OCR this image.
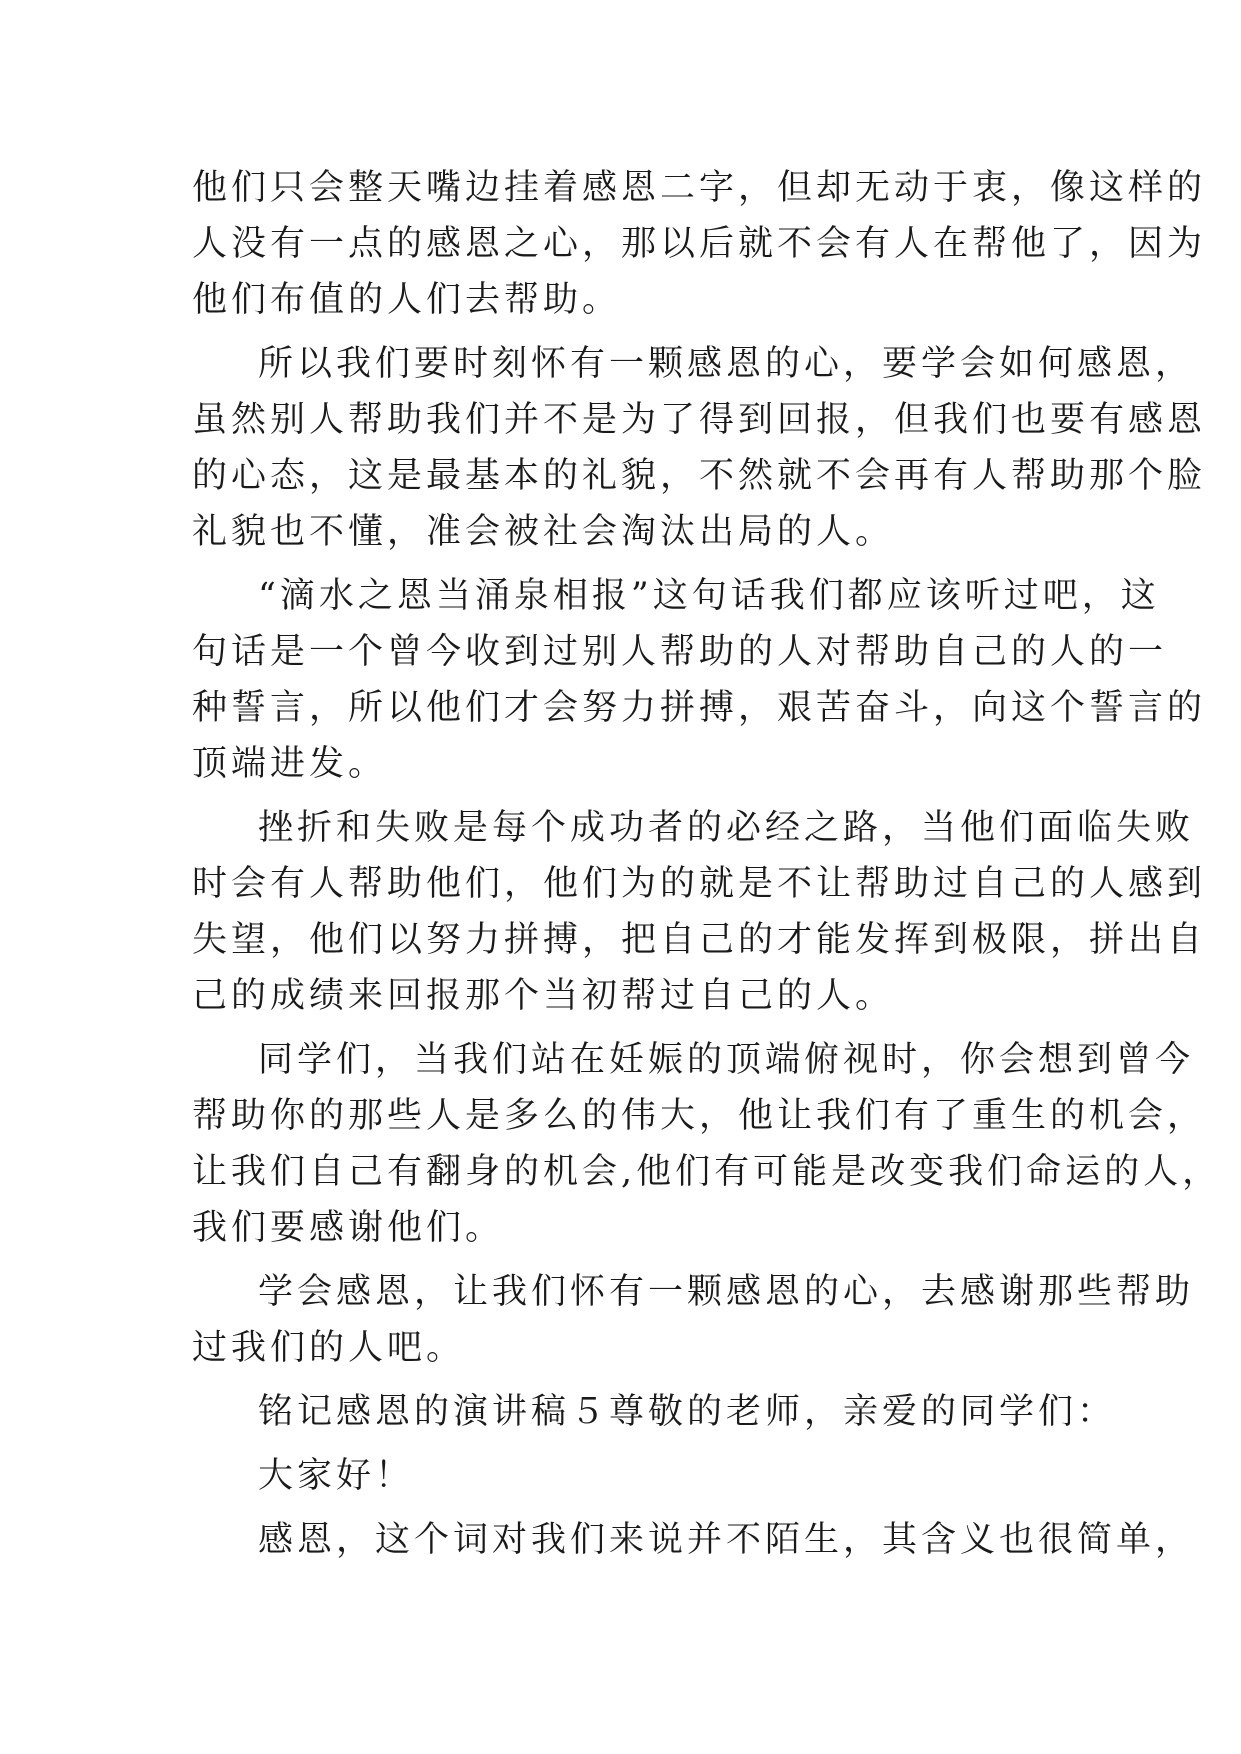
他们只会整天嘴边挂着感恩二字，但却无动于衷，像这样的
人没有一点的感恩之心，那以后就不会有人在帮他了，因为
他们布值的人们去帮助。
所以我们要时刻怀有一颗感恩的心，要学会如何感恩，
虽然别人帮助我们并不是为了得到回报，但我们也要有感恩
的心态，这是最基本的礼貌，不然就不会再有人帮助那个脸
礼貌也不懂，准会被社会淘汰出局的人。
“滴水之恩当涌泉相报”这句话我们都应该听过吧，这
句话是一个曾今收到过别人帮助的人对帮助自己的人的一
种誓言，所以他们才会努力拼搏，艰苦奋斗，向这个誓言的
顶端进发。
挫折和失败是每个成功者的必经之路，当他们面临失败
时会有人帮助他们，他们为的就是不让帮助过自己的人感到
失望，他们以努力拼搏，把自己的才能发挥到极限，拼出自
己的成绩来回报那个当初帮过自己的人。
同学们，当我们站在妊娠的顶端俯视时，你会想到曾今
帮助你的那些人是多么的伟大，他让我们有了重生的机会，
让我们自己有翻身的机会,他们有可能是改变我们命运的人，
我们要感谢他们。
学会感恩，让我们怀有一颗感恩的心，去感谢那些帮助
过我们的人吧。
铭记感恩的演讲稿５尊敬的老师，亲爱的同学们：
大家好！
感恩，这个词对我们来说并不陌生，其含义也很简单，
